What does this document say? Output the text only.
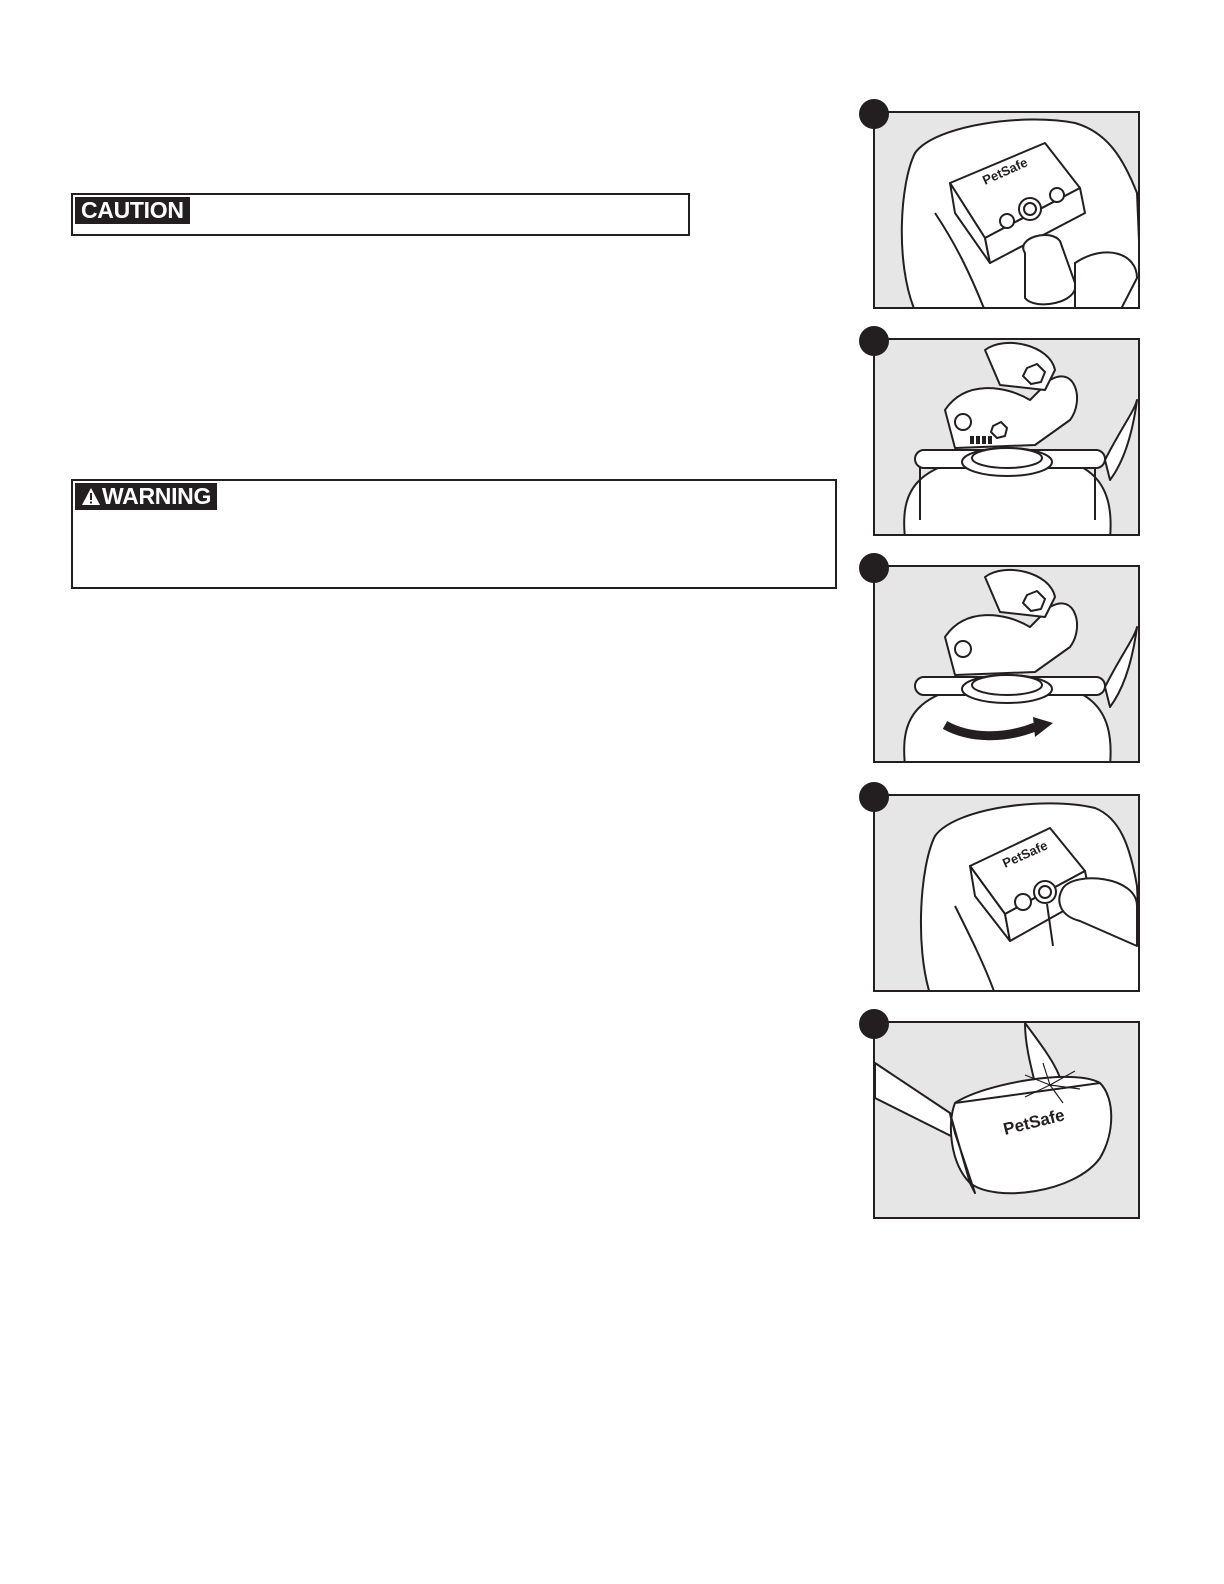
CAUTION
WARNING
PetSafe
PetSafe
PetSafe
